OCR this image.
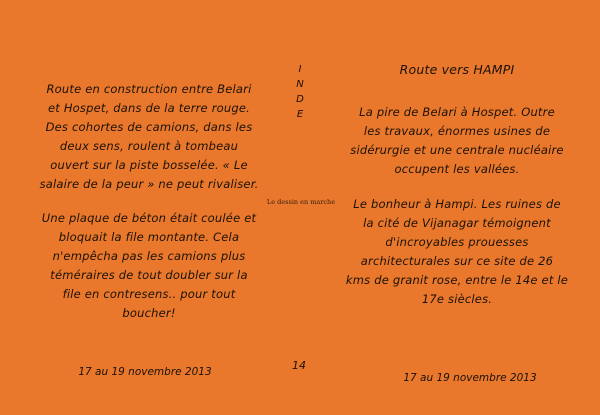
Route en construction entre Belari
et Hospet, dans de la terre rouge.
Des cohortes de camions, dans les
deux sens, roulent à tombeau
ouvert sur la piste bosselée. « Le
salaire de la peur » ne peut rivaliser.

Une plaque de béton était coulée et
bloquait la file montante. Cela
n'empêcha pas les camions plus
téméraires de tout doubler sur la
file en contresens.. pour tout
boucher!

I
N
D
E
Le dessin en marche

Route vers HAMPI

La pire de Belari à Hospet. Outre
les travaux, énormes usines de
sidérurgie et une centrale nucléaire
occupent les vallées.

Le bonheur à Hampi. Les ruines de
la cité de Vijanagar témoignent
d'incroyables prouesses
architecturales sur ce site de 26
kms de granit rose, entre le 14e et le
17e siècles.

14
17 au 19 novembre 2013	17 au 19 novembre 2013
